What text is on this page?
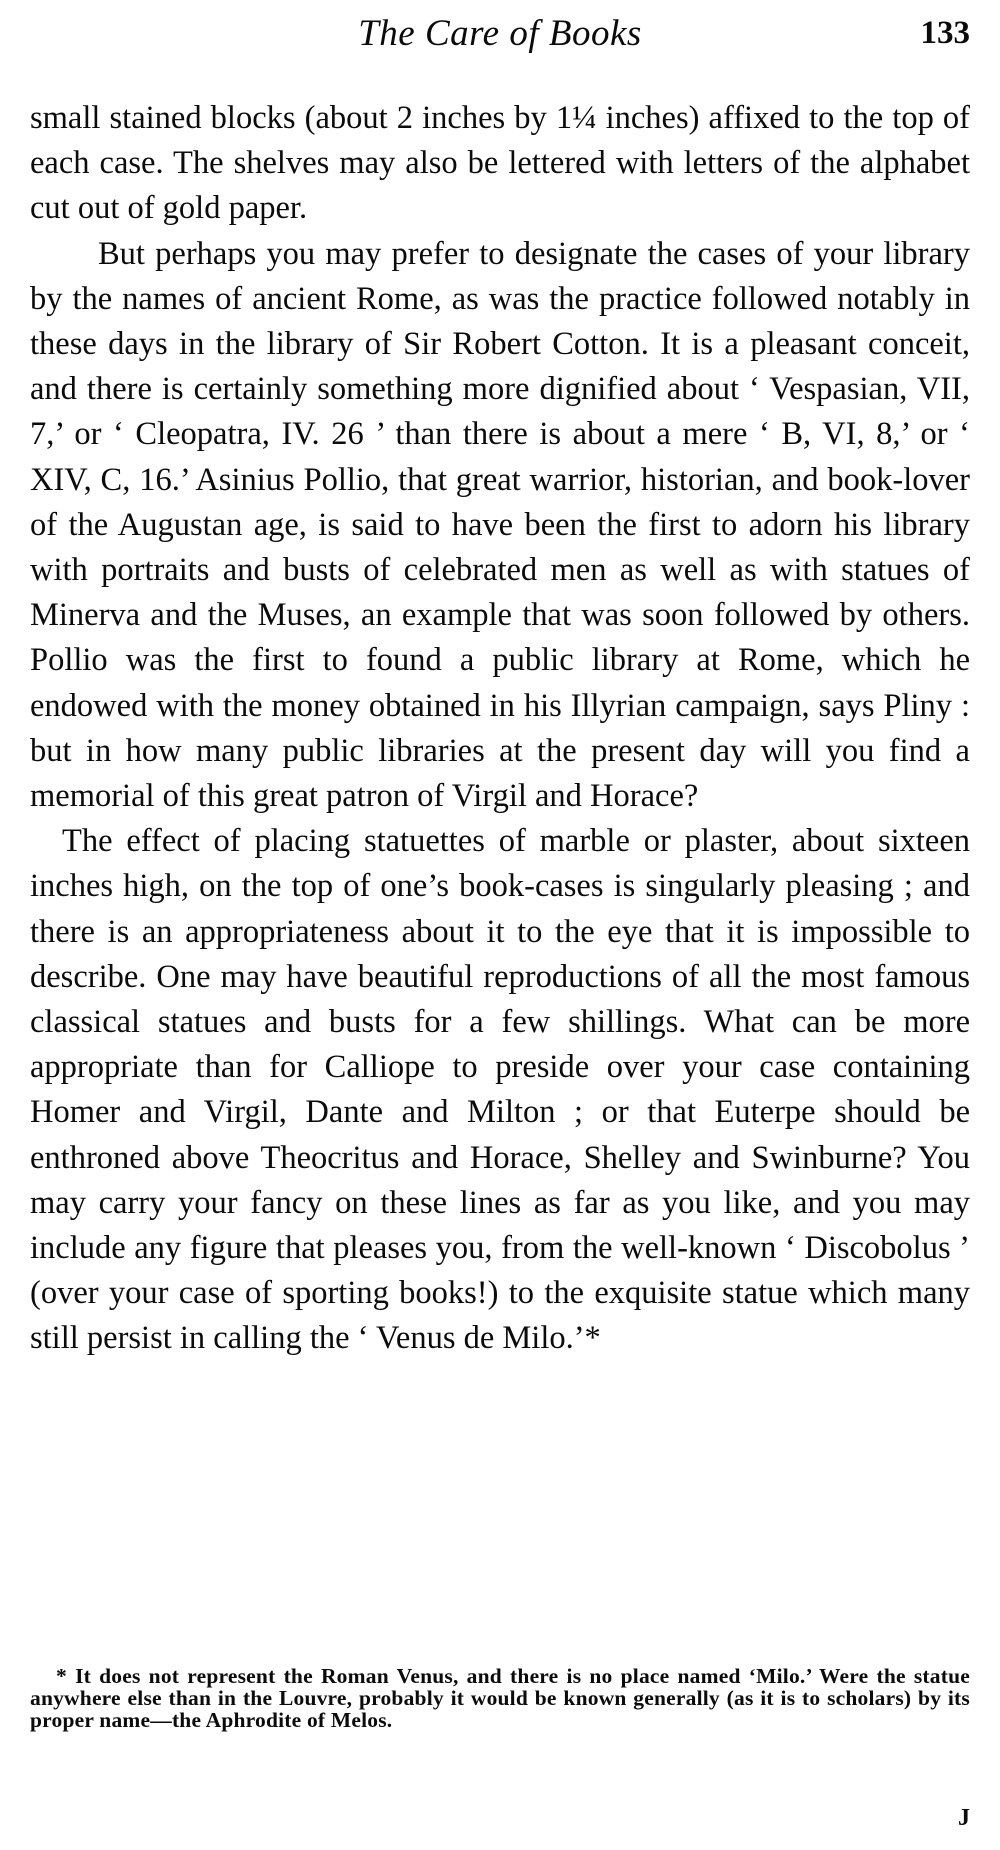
The Care of Books	133

small stained blocks (about 2 inches by 1¼ inches) affixed to the top of each case. The shelves may also be lettered with letters of the alphabet cut out of gold paper.

But perhaps you may prefer to designate the cases of your library by the names of ancient Rome, as was the practice followed notably in these days in the library of Sir Robert Cotton. It is a pleasant conceit, and there is certainly something more dignified about ‘ Vespasian, VII, 7,’ or ‘ Cleopatra, IV. 26 ’ than there is about a mere ‘ B, VI, 8,’ or ‘ XIV, C, 16.’ Asinius Pollio, that great warrior, historian, and book-lover of the Augustan age, is said to have been the first to adorn his library with portraits and busts of celebrated men as well as with statues of Minerva and the Muses, an example that was soon followed by others. Pollio was the first to found a public library at Rome, which he endowed with the money obtained in his Illyrian campaign, says Pliny : but in how many public libraries at the present day will you find a memorial of this great patron of Virgil and Horace?

The effect of placing statuettes of marble or plaster, about sixteen inches high, on the top of one’s book-cases is singularly pleasing ; and there is an appropriateness about it to the eye that it is impossible to describe. One may have beautiful reproductions of all the most famous classical statues and busts for a few shillings. What can be more appropriate than for Calliope to preside over your case containing Homer and Virgil, Dante and Milton ; or that Euterpe should be enthroned above Theocritus and Horace, Shelley and Swinburne? You may carry your fancy on these lines as far as you like, and you may include any figure that pleases you, from the well-known ‘ Discobolus ’ (over your case of sporting books!) to the exquisite statue which many still persist in calling the ‘ Venus de Milo.’*

* It does not represent the Roman Venus, and there is no place named ‘Milo.’ Were the statue anywhere else than in the Louvre, probably it would be known generally (as it is to scholars) by its proper name—the Aphrodite of Melos.
J
